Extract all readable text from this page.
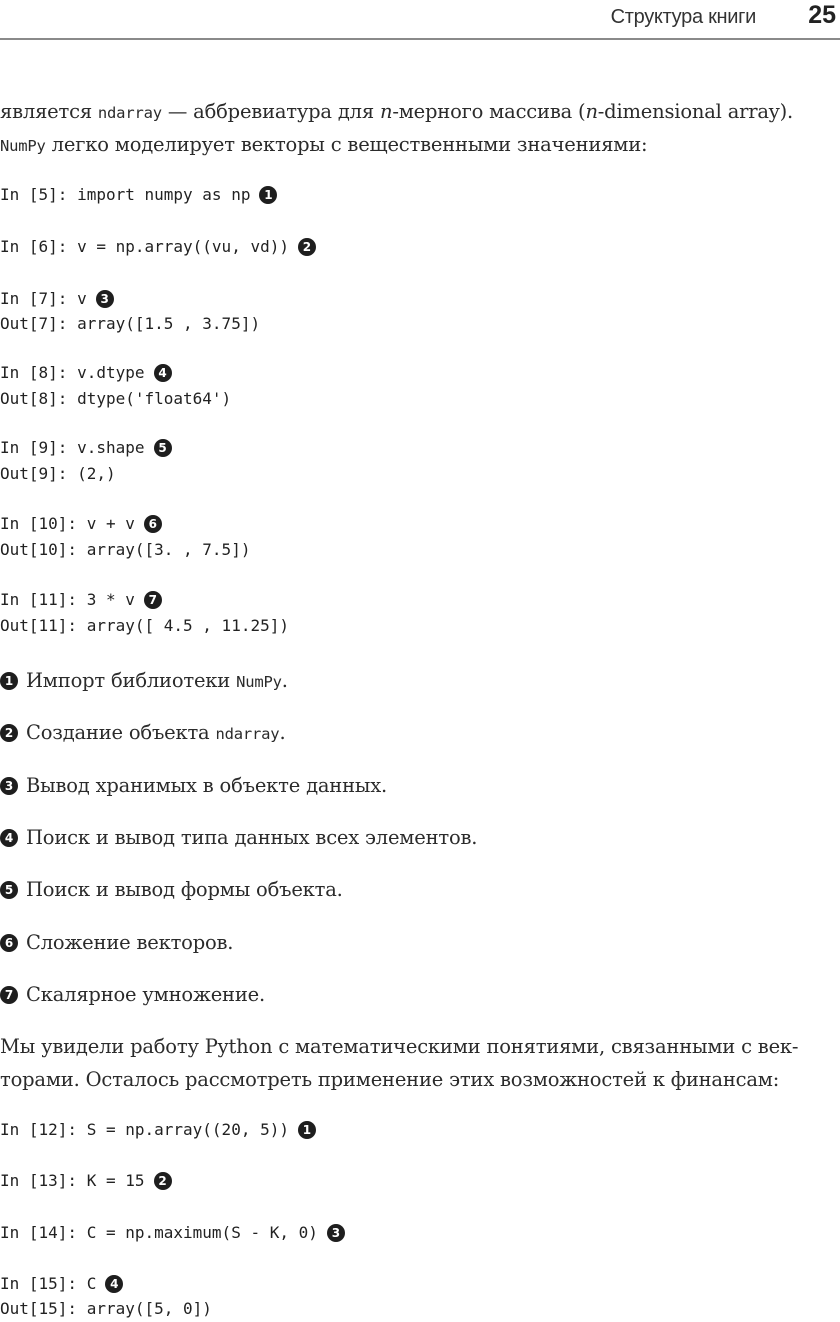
Структура книги 25
является ndarray — аббревиатура для n-мерного массива (n-dimensional array).
NumPy легко моделирует векторы с вещественными значениями:
In [5]: import numpy as np 1
In [6]: v = np.array((vu, vd)) 2
In [7]: v 3
Out[7]: array([1.5 , 3.75])
In [8]: v.dtype 4
Out[8]: dtype('float64')
In [9]: v.shape 5
Out[9]: (2,)
In [10]: v + v 6
Out[10]: array([3. , 7.5])
In [11]: 3 * v 7
Out[11]: array([ 4.5 , 11.25])
1 Импорт библиотеки NumPy.
2 Создание объекта ndarray.
3 Вывод хранимых в объекте данных.
4 Поиск и вывод типа данных всех элементов.
5 Поиск и вывод формы объекта.
6 Сложение векторов.
7 Скалярное умножение.
Мы увидели работу Python с математическими понятиями, связанными с век-
торами. Осталось рассмотреть применение этих возможностей к финансам:
In [12]: S = np.array((20, 5)) 1
In [13]: K = 15 2
In [14]: C = np.maximum(S - K, 0) 3
In [15]: C 4
Out[15]: array([5, 0])
